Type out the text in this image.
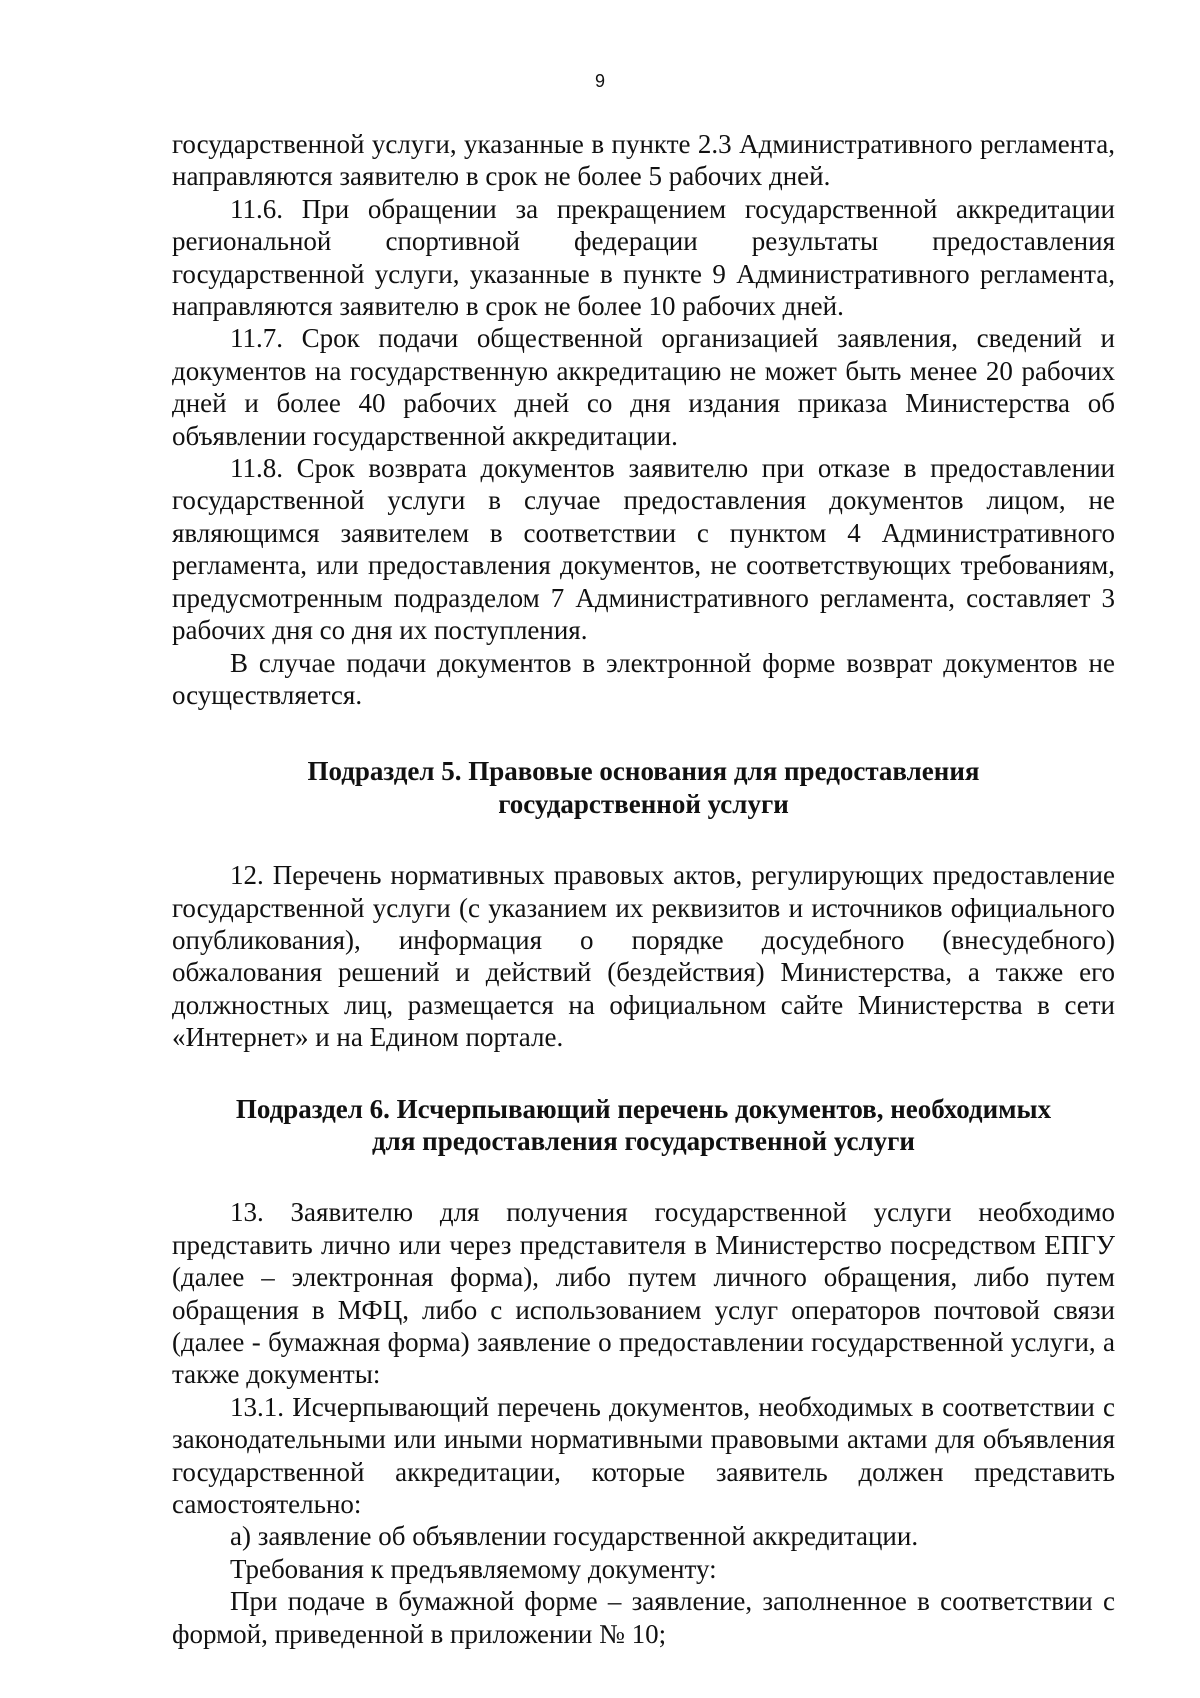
9

государственной услуги, указанные в пункте 2.3 Административного регламента, направляются заявителю в срок не более 5 рабочих дней.

11.6. При обращении за прекращением государственной аккредитации региональной спортивной федерации результаты предоставления государственной услуги, указанные в пункте 9 Административного регламента, направляются заявителю в срок не более 10 рабочих дней.

11.7. Срок подачи общественной организацией заявления, сведений и документов на государственную аккредитацию не может быть менее 20 рабочих дней и более 40 рабочих дней со дня издания приказа Министерства об объявлении государственной аккредитации.

11.8. Срок возврата документов заявителю при отказе в предоставлении государственной услуги в случае предоставления документов лицом, не являющимся заявителем в соответствии с пунктом 4 Административного регламента, или предоставления документов, не соответствующих требованиям, предусмотренным подразделом 7 Административного регламента, составляет 3 рабочих дня со дня их поступления.

В случае подачи документов в электронной форме возврат документов не осуществляется.

Подраздел 5. Правовые основания для предоставления
государственной услуги

12. Перечень нормативных правовых актов, регулирующих предоставление государственной услуги (с указанием их реквизитов и источников официального опубликования), информация о порядке досудебного (внесудебного) обжалования решений и действий (бездействия) Министерства, а также его должностных лиц, размещается на официальном сайте Министерства в сети «Интернет» и на Едином портале.

Подраздел 6. Исчерпывающий перечень документов, необходимых
для предоставления государственной услуги

13. Заявителю для получения государственной услуги необходимо представить лично или через представителя в Министерство посредством ЕПГУ (далее – электронная форма), либо путем личного обращения, либо путем обращения в МФЦ, либо с использованием услуг операторов почтовой связи (далее - бумажная форма) заявление о предоставлении государственной услуги, а также документы:

13.1. Исчерпывающий перечень документов, необходимых в соответствии с законодательными или иными нормативными правовыми актами для объявления государственной аккредитации, которые заявитель должен представить самостоятельно:

а) заявление об объявлении государственной аккредитации.

Требования к предъявляемому документу:

При подаче в бумажной форме – заявление, заполненное в соответствии с формой, приведенной в приложении № 10;
